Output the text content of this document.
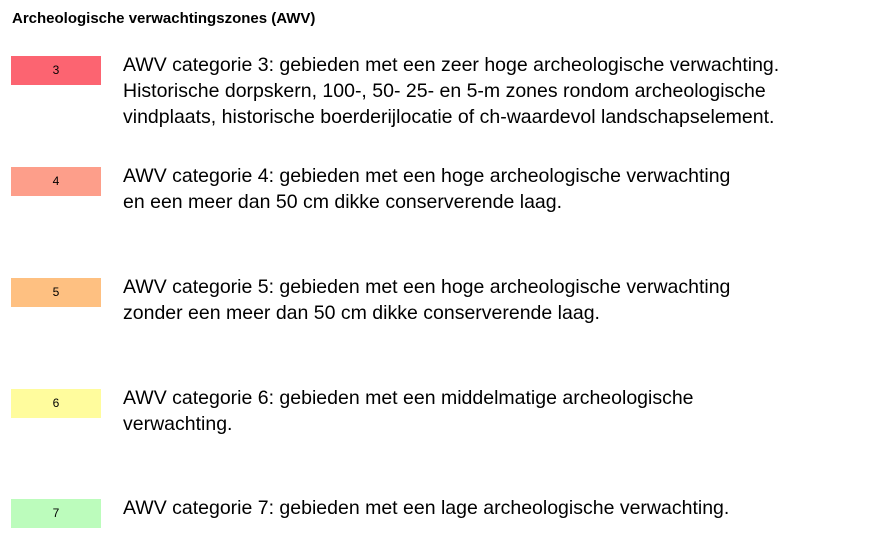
Archeologische verwachtingszones (AWV)
3	AWV categorie 3: gebieden met een zeer hoge archeologische verwachting.
Historische dorpskern, 100-, 50- 25- en 5-m zones rondom archeologische
vindplaats, historische boerderijlocatie of ch-waardevol landschapselement.
4	AWV categorie 4: gebieden met een hoge archeologische verwachting
en een meer dan 50 cm dikke conserverende laag.
5	AWV categorie 5: gebieden met een hoge archeologische verwachting
zonder een meer dan 50 cm dikke conserverende laag.
6	AWV categorie 6: gebieden met een middelmatige archeologische
verwachting.
7	AWV categorie 7: gebieden met een lage archeologische verwachting.
